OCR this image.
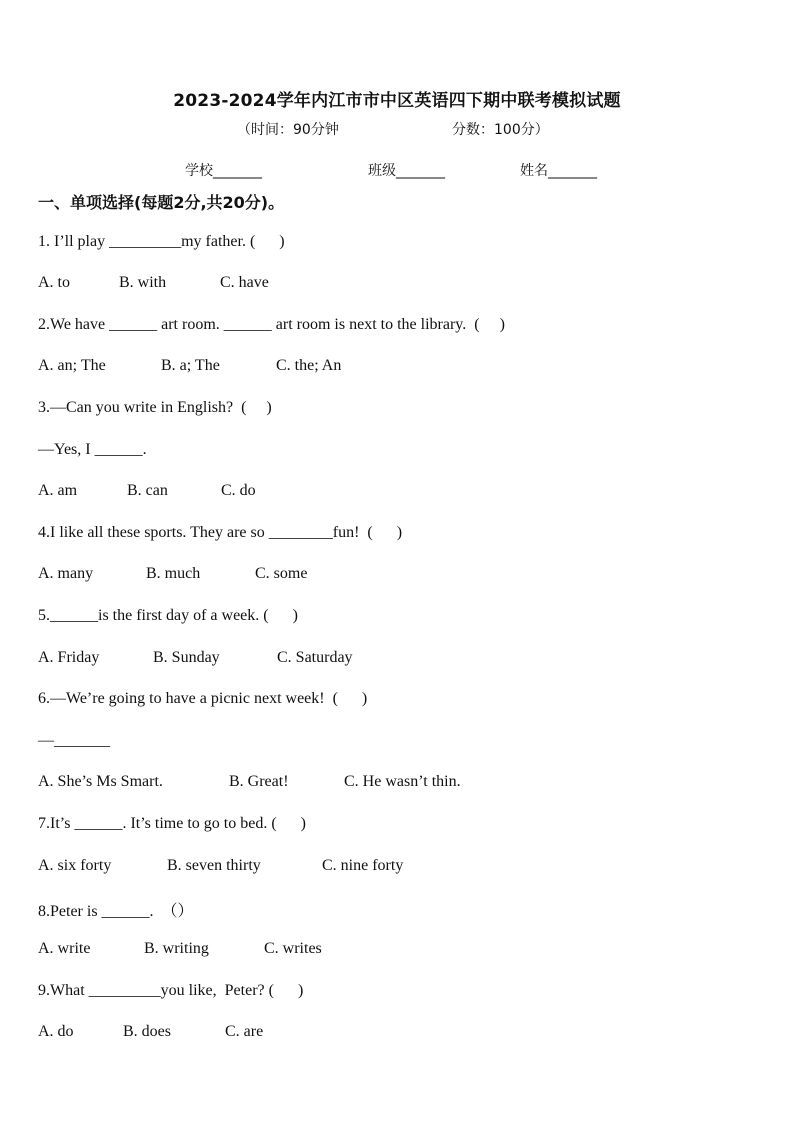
2023-2024学年内江市市中区英语四下期中联考模拟试题
（时间：90分钟	分数：100分）
学校_______	班级_______	姓名_______
一、单项选择(每题2分,共20分)。
1. I’ll play _________my father. (      )
A. to	B. with	C. have
2.We have ______ art room. ______ art room is next to the library.  (     )
A. an; The	B. a; The	C. the; An
3.—Can you write in English?  (     )
—Yes, I ______.
A. am	B. can	C. do
4.I like all these sports. They are so ________fun!  (      )
A. many	B. much	C. some
5.______is the first day of a week. (      )
A. Friday	B. Sunday	C. Saturday
6.—We’re going to have a picnic next week!  (      )
—_______
A. She’s Ms Smart.	B. Great!	C. He wasn’t thin.
7.It’s ______. It’s time to go to bed. (      )
A. six forty	B. seven thirty	C. nine forty
8.Peter is ______.  （）
A. write	B. writing	C. writes
9.What _________you like,  Peter? (      )
A. do	B. does	C. are
